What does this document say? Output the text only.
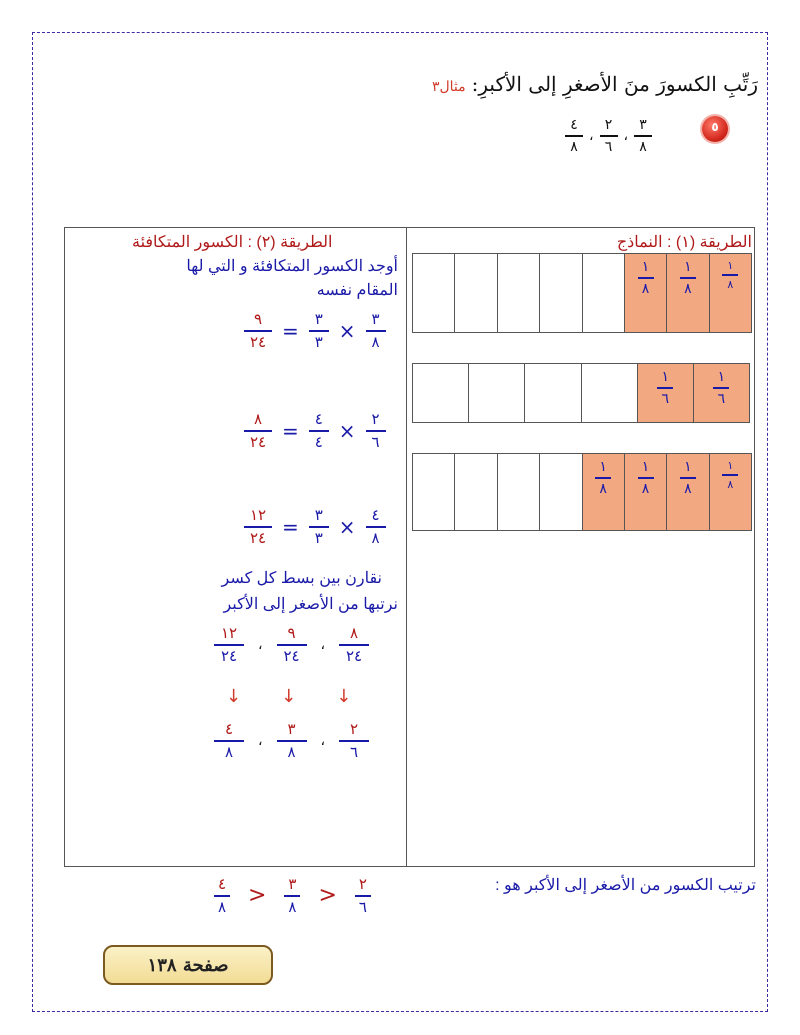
رَتِّبِ الكسورَ منَ الأصغرِ إلى الأكبرِ:مثال٣
٥
$\frac{٤}{٨}$ ، $\frac{٢}{٦}$ ، $\frac{٣}{٨}$
الطريقة (١) : النماذج
$\frac{١}{٨} \frac{١}{٨} \frac{١}{٨}$
$\frac{١}{٦}$	$\frac{١}{٦}$
$\frac{١}{٨} \frac{١}{٨} \frac{١}{٨} \frac{١}{٨}$
الطريقة (٢) : الكسور المتكافئة
أوجد الكسور المتكافئة و التي لها
المقام نفسه
$\frac{٩}{٢٤} = \frac{٣}{٣} \times \frac{٣}{٨}$
$\frac{٨}{٢٤} = \frac{٤}{٤} \times \frac{٢}{٦}$
$\frac{١٢}{٢٤} = \frac{٣}{٣} \times \frac{٤}{٨}$
نقارن بين بسط كل كسر
نرتبها من الأصغر إلى الأكبر
$\frac{١٢}{٢٤}$ ، $\frac{٩}{٢٤}$ ، $\frac{٨}{٢٤}$
↓ ↓ ↓
$\frac{٤}{٨}$ ، $\frac{٣}{٨}$ ، $\frac{٢}{٦}$
ترتيب الكسور من الأصغر إلى الأكبر هو :
$\frac{٤}{٨} > \frac{٣}{٨} > \frac{٢}{٦}$
صفحة ١٣٨
